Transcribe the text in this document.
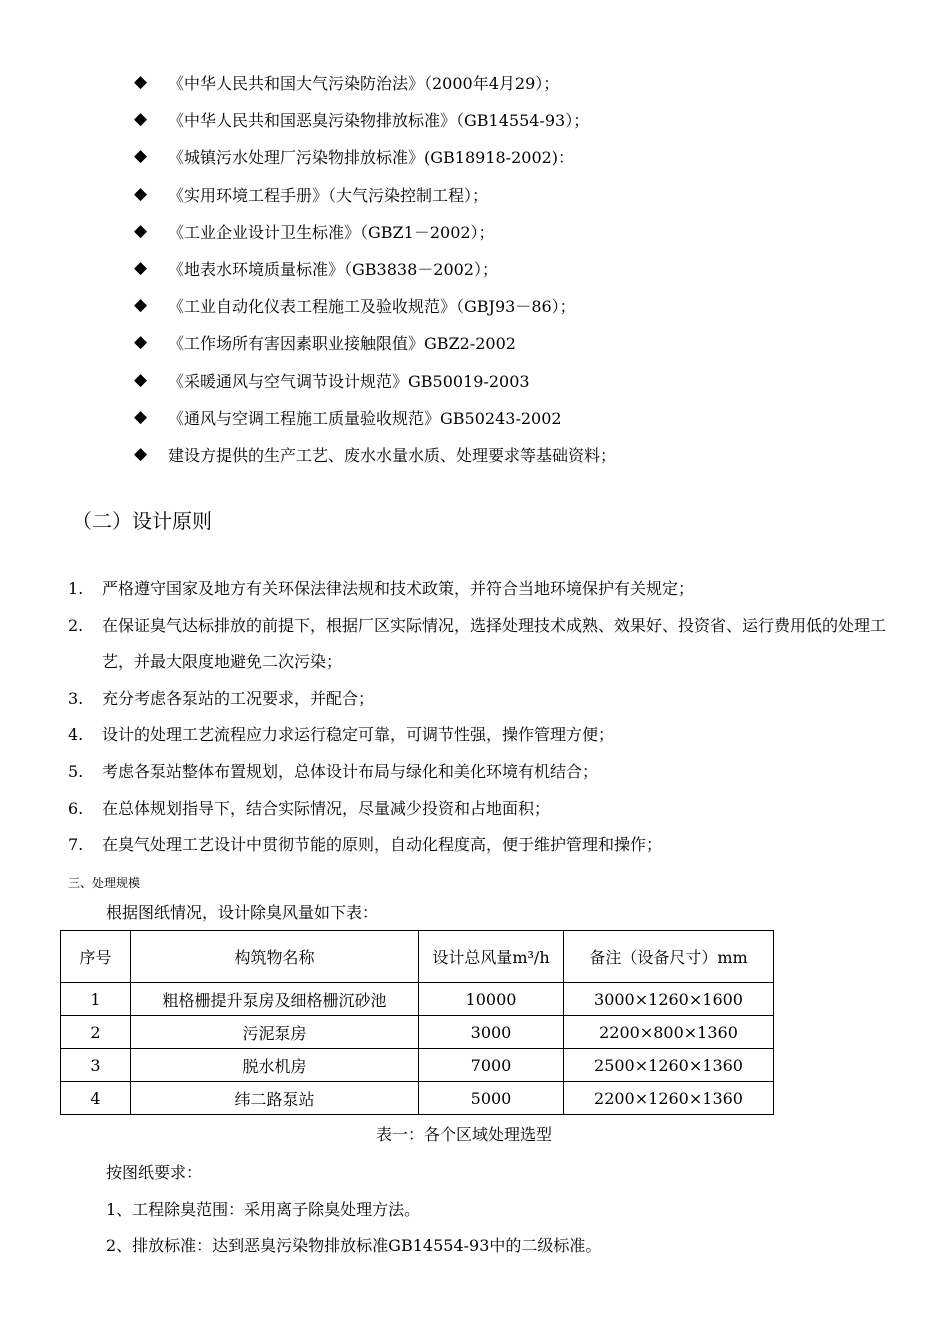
◆	《中华人民共和国大气污染防治法》（2000年4月29）；
◆	《中华人民共和国恶臭污染物排放标准》（GB14554-93）；
◆	《城镇污水处理厂污染物排放标准》(GB18918-2002)：
◆	《实用环境工程手册》（大气污染控制工程）；
◆	《工业企业设计卫生标准》（GBZ1－2002）；
◆	《地表水环境质量标准》（GB3838－2002）；
◆	《工业自动化仪表工程施工及验收规范》（GBJ93－86）；
◆	《工作场所有害因素职业接触限值》GBZ2-2002
◆	《采暖通风与空气调节设计规范》GB50019-2003
◆	《通风与空调工程施工质量验收规范》GB50243-2002
◆	建设方提供的生产工艺、废水水量水质、处理要求等基础资料；
（二）设计原则
1.	严格遵守国家及地方有关环保法律法规和技术政策，并符合当地环境保护有关规定；
2.	在保证臭气达标排放的前提下，根据厂区实际情况，选择处理技术成熟、效果好、投资省、运行费用低的处理工艺，并最大限度地避免二次污染；
3.	充分考虑各泵站的工况要求，并配合；
4.	设计的处理工艺流程应力求运行稳定可靠，可调节性强，操作管理方便；
5.	考虑各泵站整体布置规划，总体设计布局与绿化和美化环境有机结合；
6.	在总体规划指导下，结合实际情况，尽量减少投资和占地面积；
7.	在臭气处理工艺设计中贯彻节能的原则，自动化程度高，便于维护管理和操作；
三、处理规模
根据图纸情况，设计除臭风量如下表：
序号	构筑物名称	设计总风量m³/h	备注（设备尺寸）mm
1	粗格栅提升泵房及细格栅沉砂池	10000	3000×1260×1600
2	污泥泵房	3000	2200×800×1360
3	脱水机房	7000	2500×1260×1360
4	纬二路泵站	5000	2200×1260×1360
表一：各个区域处理选型
按图纸要求：
1、工程除臭范围：采用离子除臭处理方法。
2、排放标准：达到恶臭污染物排放标准GB14554-93中的二级标准。
